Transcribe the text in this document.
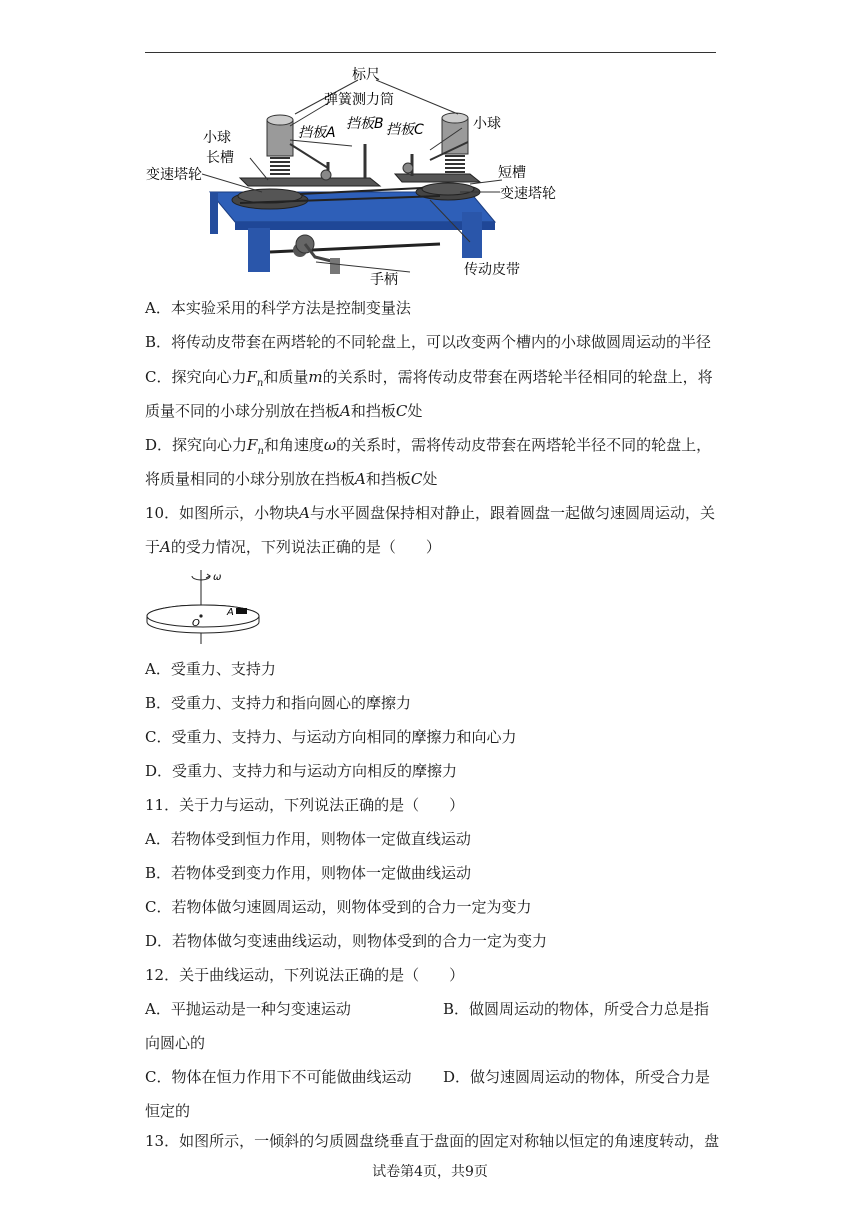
标尺
弹簧测力筒
小球
长槽
挡板A
挡板B 挡板C	小球
变速塔轮	短槽
变速塔轮
传动皮带
手柄
A．本实验采用的科学方法是控制变量法
B．将传动皮带套在两塔轮的不同轮盘上，可以改变两个槽内的小球做圆周运动的半径
C．探究向心力$F_n$和质量m的关系时，需将传动皮带套在两塔轮半径相同的轮盘上，将
质量不同的小球分别放在挡板A和挡板C处
D．探究向心力$F_n$和角速度ω的关系时，需将传动皮带套在两塔轮半径不同的轮盘上，
将质量相同的小球分别放在挡板A和挡板C处
10．如图所示，小物块A与水平圆盘保持相对静止，跟着圆盘一起做匀速圆周运动，关
于A的受力情况，下列说法正确的是（　　）
ω
O
A
A．受重力、支持力
B．受重力、支持力和指向圆心的摩擦力
C．受重力、支持力、与运动方向相同的摩擦力和向心力
D．受重力、支持力和与运动方向相反的摩擦力
11．关于力与运动，下列说法正确的是（　　）
A．若物体受到恒力作用，则物体一定做直线运动
B．若物体受到变力作用，则物体一定做曲线运动
C．若物体做匀速圆周运动，则物体受到的合力一定为变力
D．若物体做匀变速曲线运动，则物体受到的合力一定为变力
12．关于曲线运动，下列说法正确的是（　　）
A．平抛运动是一种匀变速运动	B．做圆周运动的物体，所受合力总是指
向圆心的
C．物体在恒力作用下不可能做曲线运动 D．做匀速圆周运动的物体，所受合力是
恒定的
13．如图所示，一倾斜的匀质圆盘绕垂直于盘面的固定对称轴以恒定的角速度转动，盘
试卷第4页，共9页
